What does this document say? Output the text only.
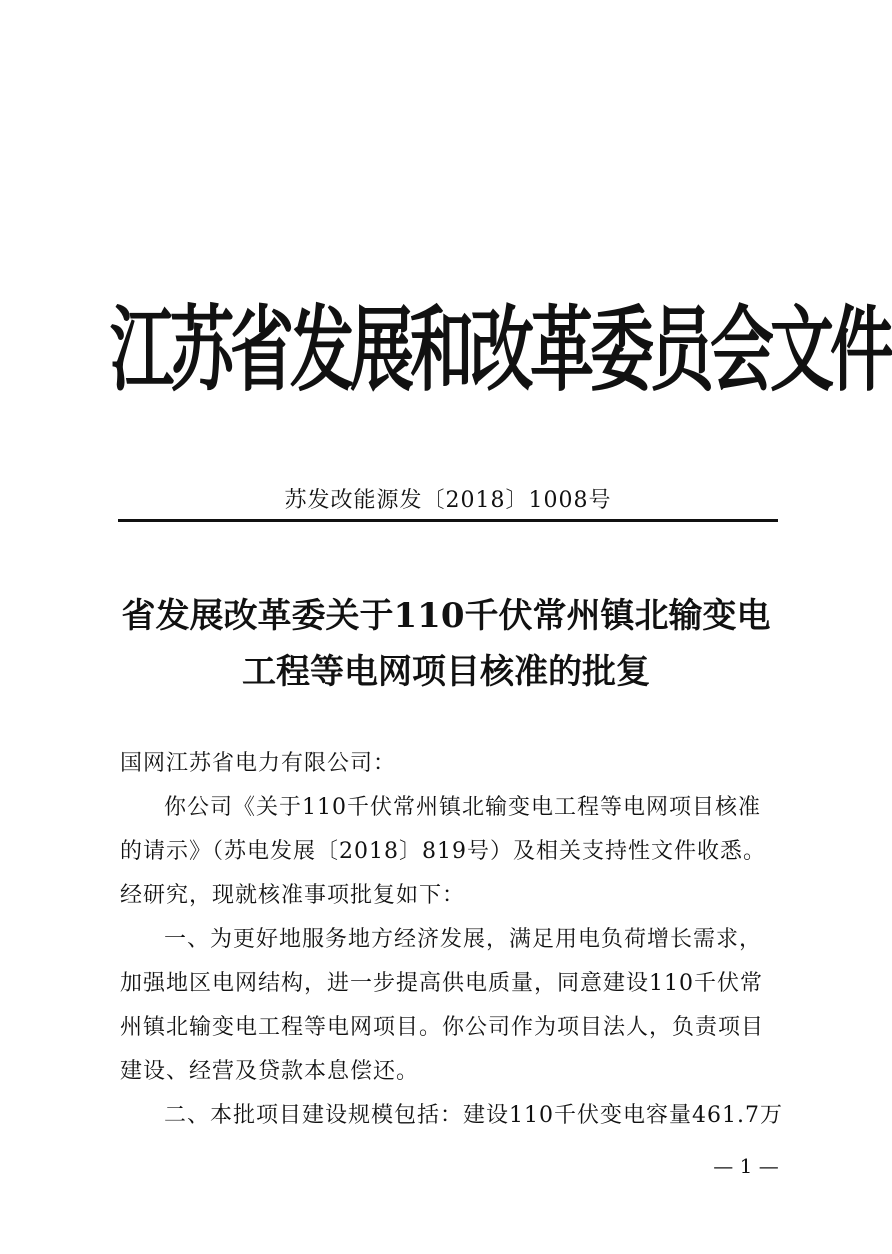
江苏省发展和改革委员会文件
苏发改能源发〔2018〕1008号
省发展改革委关于110千伏常州镇北输变电
工程等电网项目核准的批复
国网江苏省电力有限公司：
你公司《关于110千伏常州镇北输变电工程等电网项目核准
的请示》（苏电发展〔2018〕819号）及相关支持性文件收悉。
经研究，现就核准事项批复如下：
一、为更好地服务地方经济发展，满足用电负荷增长需求，
加强地区电网结构，进一步提高供电质量，同意建设110千伏常
州镇北输变电工程等电网项目。你公司作为项目法人，负责项目
建设、经营及贷款本息偿还。
二、本批项目建设规模包括：建设110千伏变电容量461.7万
— 1 —
